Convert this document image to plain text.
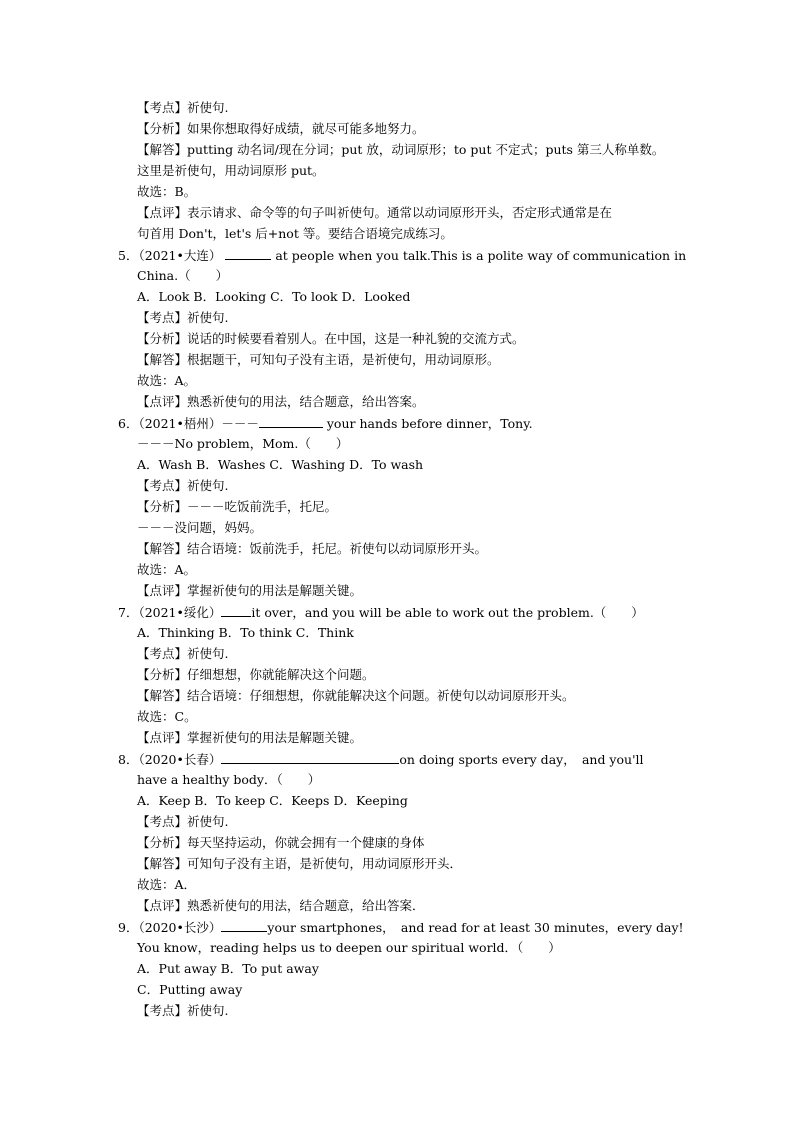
【考点】祈使句.
【分析】如果你想取得好成绩，就尽可能多地努力。
【解答】putting 动名词/现在分词；put 放，动词原形；to put 不定式；puts 第三人称单数。
这里是祈使句，用动词原形 put。
故选：B。
【点评】表示请求、命令等的句子叫祈使句。通常以动词原形开头，否定形式通常是在
句首用 Don't，let's 后+not 等。要结合语境完成练习。
5．（2021•大连）	at people when you talk.This is a polite way of communication in
China.（　　）
A．Look B．Looking C．To look D．Looked
【考点】祈使句.
【分析】说话的时候要看着别人。在中国，这是一种礼貌的交流方式。
【解答】根据题干，可知句子没有主语，是祈使句，用动词原形。
故选：A。
【点评】熟悉祈使句的用法，结合题意，给出答案。
6．（2021•梧州）－－－	your hands before dinner，Tony.
－－－No problem，Mom.（　　）
A．Wash B．Washes C．Washing D．To wash
【考点】祈使句.
【分析】－－－吃饭前洗手，托尼。
－－－没问题，妈妈。
【解答】结合语境：饭前洗手，托尼。祈使句以动词原形开头。
故选：A。
【点评】掌握祈使句的用法是解题关键。
7．（2021•绥化） it over，and you will be able to work out the problem.（　　）
A．Thinking B．To think C．Think
【考点】祈使句.
【分析】仔细想想，你就能解决这个问题。
【解答】结合语境：仔细想想，你就能解决这个问题。祈使句以动词原形开头。
故选：C。
【点评】掌握祈使句的用法是解题关键。
8．（2020•长春）	on doing sports every day，　and you'll
have a healthy body．（　　）
A．Keep B．To keep C．Keeps D．Keeping
【考点】祈使句.
【分析】每天坚持运动，你就会拥有一个健康的身体
【解答】可知句子没有主语，是祈使句，用动词原形开头．
故选：A．
【点评】熟悉祈使句的用法，结合题意，给出答案．
9．（2020•长沙）	your smartphones，　and read for at least 30 minutes，every day!
You know，reading helps us to deepen our spiritual world．（　　）
A．Put away B．To put away
C．Putting away
【考点】祈使句.
